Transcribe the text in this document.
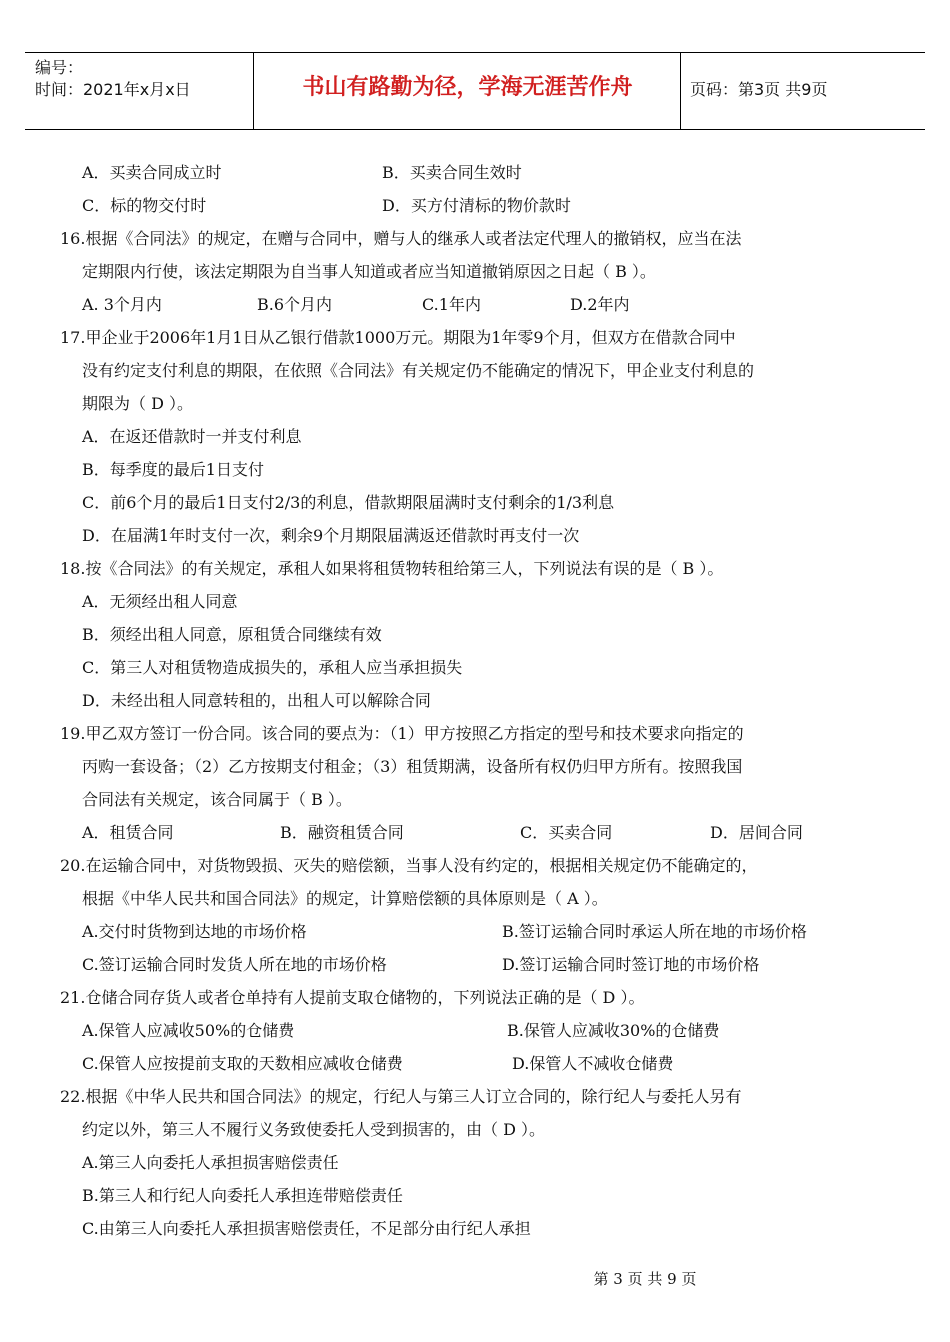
编号：
时间：2021年x月x日	书山有路勤为径，学海无涯苦作舟	页码：第3页 共9页
A．买卖合同成立时	B．买卖合同生效时
C．标的物交付时	D．买方付清标的物价款时
16.根据《合同法》的规定，在赠与合同中，赠与人的继承人或者法定代理人的撤销权，应当在法
定期限内行使，该法定期限为自当事人知道或者应当知道撤销原因之日起（ B ）。
A. 3个月内	B.6个月内	C.1年内	D.2年内
17.甲企业于2006年1月1日从乙银行借款1000万元。期限为1年零9个月，但双方在借款合同中
没有约定支付利息的期限，在依照《合同法》有关规定仍不能确定的情况下，甲企业支付利息的
期限为（ D ）。
A．在返还借款时一并支付利息
B．每季度的最后1日支付
C．前6个月的最后1日支付2/3的利息，借款期限届满时支付剩余的1/3利息
D．在届满1年时支付一次，剩余9个月期限届满返还借款时再支付一次
18.按《合同法》的有关规定，承租人如果将租赁物转租给第三人，下列说法有误的是（ B ）。
A．无须经出租人同意
B．须经出租人同意，原租赁合同继续有效
C．第三人对租赁物造成损失的，承租人应当承担损失
D．未经出租人同意转租的，出租人可以解除合同
19.甲乙双方签订一份合同。该合同的要点为：（1）甲方按照乙方指定的型号和技术要求向指定的
丙购一套设备；（2）乙方按期支付租金；（3）租赁期满，设备所有权仍归甲方所有。按照我国
合同法有关规定，该合同属于（ B ）。
A．租赁合同	B．融资租赁合同	C．买卖合同	D．居间合同
20.在运输合同中，对货物毁损、灭失的赔偿额，当事人没有约定的，根据相关规定仍不能确定的，
根据《中华人民共和国合同法》的规定，计算赔偿额的具体原则是（ A ）。
A.交付时货物到达地的市场价格	B.签订运输合同时承运人所在地的市场价格
C.签订运输合同时发货人所在地的市场价格	D.签订运输合同时签订地的市场价格
21.仓储合同存货人或者仓单持有人提前支取仓储物的，下列说法正确的是（ D ）。
A.保管人应减收50%的仓储费	B.保管人应减收30%的仓储费
C.保管人应按提前支取的天数相应减收仓储费	D.保管人不减收仓储费
22.根据《中华人民共和国合同法》的规定，行纪人与第三人订立合同的，除行纪人与委托人另有
约定以外，第三人不履行义务致使委托人受到损害的，由（ D ）。
A.第三人向委托人承担损害赔偿责任
B.第三人和行纪人向委托人承担连带赔偿责任
C.由第三人向委托人承担损害赔偿责任，不足部分由行纪人承担
第 3 页 共 9 页
